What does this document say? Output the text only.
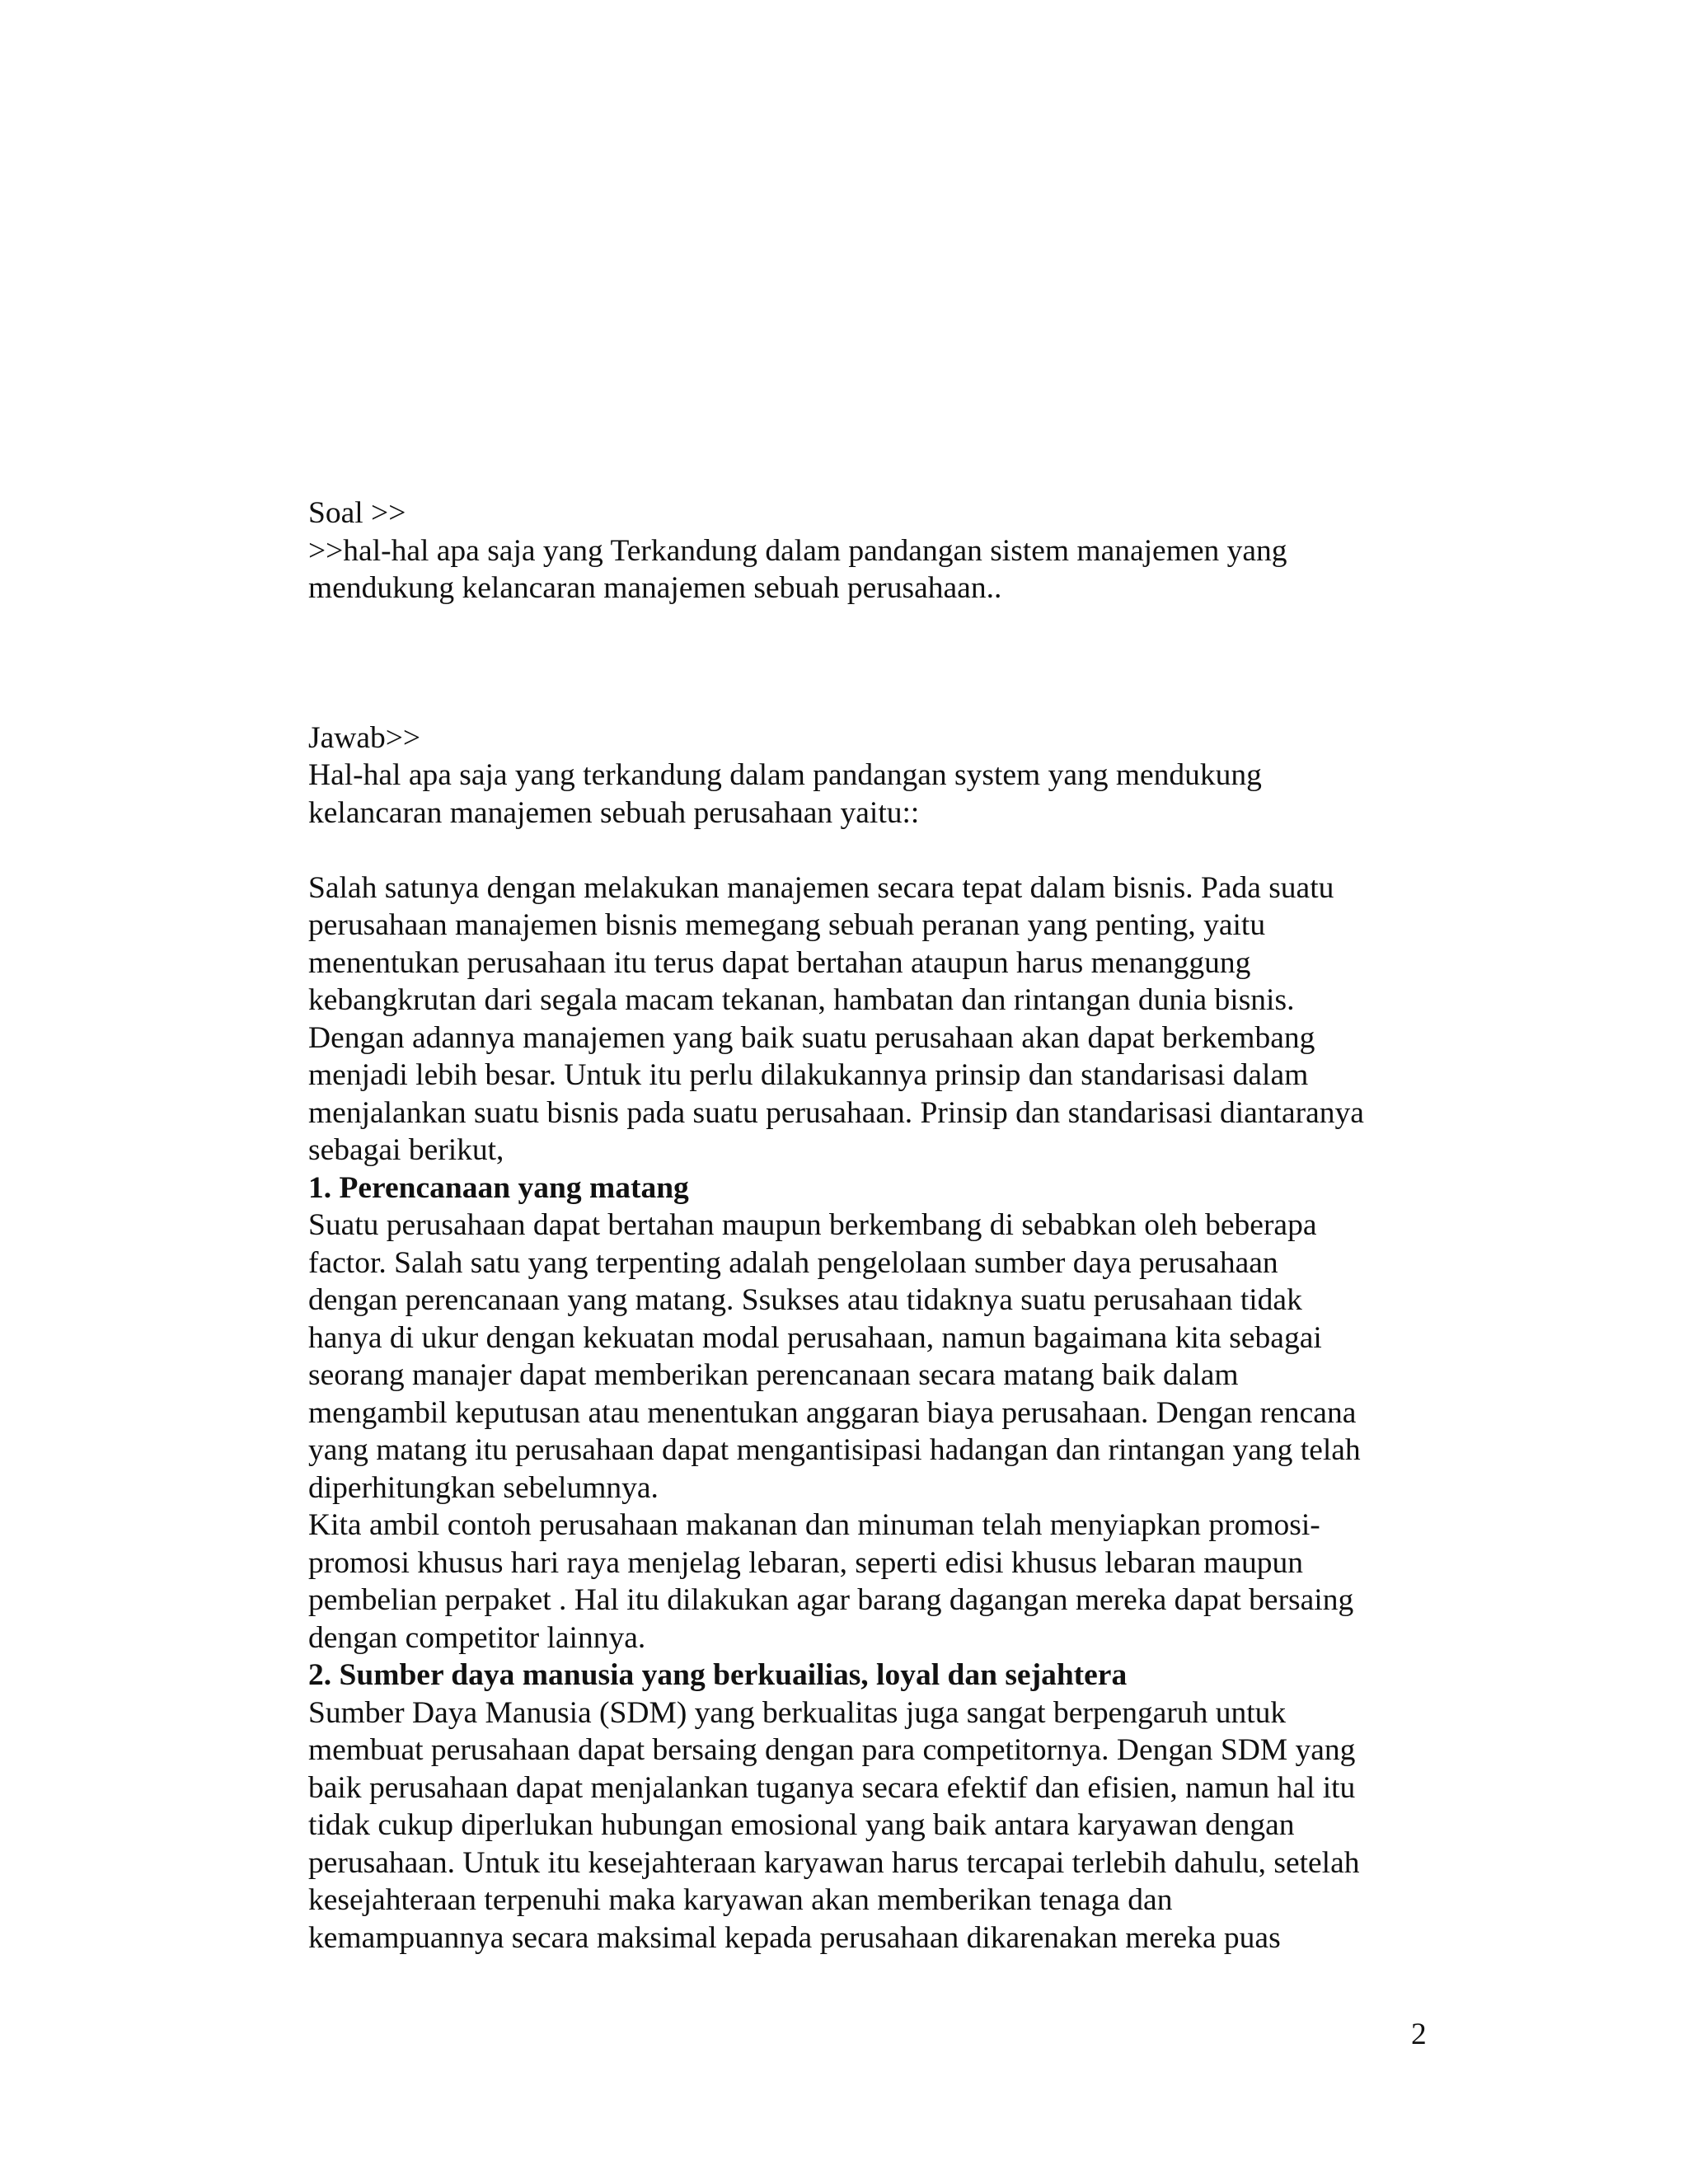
Soal >>
>>hal-hal apa saja yang Terkandung dalam pandangan sistem manajemen yang
mendukung kelancaran manajemen sebuah perusahaan..
Jawab>>
Hal-hal apa saja yang terkandung dalam pandangan system yang mendukung
kelancaran manajemen sebuah perusahaan yaitu::
Salah satunya dengan melakukan manajemen secara tepat dalam bisnis. Pada suatu
perusahaan manajemen bisnis memegang sebuah peranan yang penting, yaitu
menentukan perusahaan itu terus dapat bertahan ataupun harus menanggung
kebangkrutan dari segala macam tekanan, hambatan dan rintangan dunia bisnis.
Dengan adannya manajemen yang baik suatu perusahaan akan dapat berkembang
menjadi lebih besar. Untuk itu perlu dilakukannya prinsip dan standarisasi dalam
menjalankan suatu bisnis pada suatu perusahaan. Prinsip dan standarisasi diantaranya
sebagai berikut,
1. Perencanaan yang matang
Suatu perusahaan dapat bertahan maupun berkembang di sebabkan oleh beberapa
factor. Salah satu yang terpenting adalah pengelolaan sumber daya perusahaan
dengan perencanaan yang matang. Ssukses atau tidaknya suatu perusahaan tidak
hanya di ukur dengan kekuatan modal perusahaan, namun bagaimana kita sebagai
seorang manajer dapat memberikan perencanaan secara matang baik dalam
mengambil keputusan atau menentukan anggaran biaya perusahaan. Dengan rencana
yang matang itu perusahaan dapat mengantisipasi hadangan dan rintangan yang telah
diperhitungkan sebelumnya.
Kita ambil contoh perusahaan makanan dan minuman telah menyiapkan promosi-
promosi khusus hari raya menjelag lebaran, seperti edisi khusus lebaran maupun
pembelian perpaket . Hal itu dilakukan agar barang dagangan mereka dapat bersaing
dengan competitor lainnya.
2. Sumber daya manusia yang berkuailias, loyal dan sejahtera
Sumber Daya Manusia (SDM) yang berkualitas juga sangat berpengaruh untuk
membuat perusahaan dapat bersaing dengan para competitornya. Dengan SDM yang
baik perusahaan dapat menjalankan tuganya secara efektif dan efisien, namun hal itu
tidak cukup diperlukan hubungan emosional yang baik antara karyawan dengan
perusahaan. Untuk itu kesejahteraan karyawan harus tercapai terlebih dahulu, setelah
kesejahteraan terpenuhi maka karyawan akan memberikan tenaga dan
kemampuannya secara maksimal kepada perusahaan dikarenakan mereka puas
2
